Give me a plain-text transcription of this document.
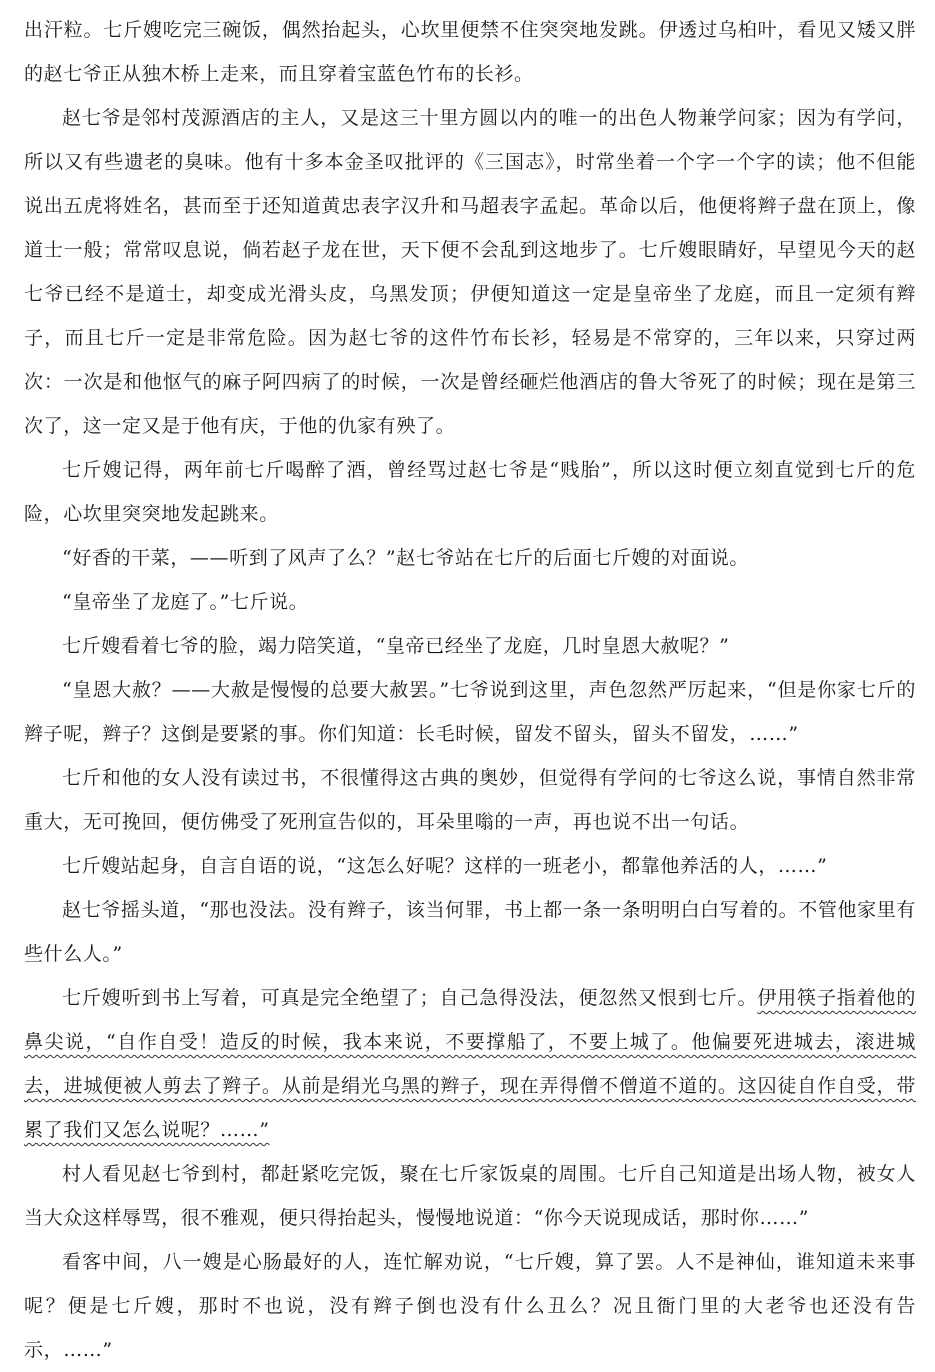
出汗粒。七斤嫂吃完三碗饭，偶然抬起头，心坎里便禁不住突突地发跳。伊透过乌桕叶，看见又矮又胖的赵七爷正从独木桥上走来，而且穿着宝蓝色竹布的长衫。

赵七爷是邻村茂源酒店的主人，又是这三十里方圆以内的唯一的出色人物兼学问家；因为有学问，所以又有些遗老的臭味。他有十多本金圣叹批评的《三国志》，时常坐着一个字一个字的读；他不但能说出五虎将姓名，甚而至于还知道黄忠表字汉升和马超表字孟起。革命以后，他便将辫子盘在顶上，像道士一般；常常叹息说，倘若赵子龙在世，天下便不会乱到这地步了。七斤嫂眼睛好，早望见今天的赵七爷已经不是道士，却变成光滑头皮，乌黑发顶；伊便知道这一定是皇帝坐了龙庭，而且一定须有辫子，而且七斤一定是非常危险。因为赵七爷的这件竹布长衫，轻易是不常穿的，三年以来，只穿过两次：一次是和他怄气的麻子阿四病了的时候，一次是曾经砸烂他酒店的鲁大爷死了的时候；现在是第三次了，这一定又是于他有庆，于他的仇家有殃了。

七斤嫂记得，两年前七斤喝醉了酒，曾经骂过赵七爷是“贱胎”，所以这时便立刻直觉到七斤的危险，心坎里突突地发起跳来。

“好香的干菜，——听到了风声了么？”赵七爷站在七斤的后面七斤嫂的对面说。

“皇帝坐了龙庭了。”七斤说。

七斤嫂看着七爷的脸，竭力陪笑道，“皇帝已经坐了龙庭，几时皇恩大赦呢？”

“皇恩大赦？——大赦是慢慢的总要大赦罢。”七爷说到这里，声色忽然严厉起来，“但是你家七斤的辫子呢，辫子？这倒是要紧的事。你们知道：长毛时候，留发不留头，留头不留发，……”

七斤和他的女人没有读过书，不很懂得这古典的奥妙，但觉得有学问的七爷这么说，事情自然非常重大，无可挽回，便仿佛受了死刑宣告似的，耳朵里嗡的一声，再也说不出一句话。

七斤嫂站起身，自言自语的说，“这怎么好呢？这样的一班老小，都靠他养活的人，……”

赵七爷摇头道，“那也没法。没有辫子，该当何罪，书上都一条一条明明白白写着的。不管他家里有些什么人。”

七斤嫂听到书上写着，可真是完全绝望了；自己急得没法，便忽然又恨到七斤。伊用筷子指着他的鼻尖说，“自作自受！造反的时候，我本来说，不要撑船了，不要上城了。他偏要死进城去，滚进城去，进城便被人剪去了辫子。从前是绢光乌黑的辫子，现在弄得僧不僧道不道的。这囚徒自作自受，带累了我们又怎么说呢？……”

村人看见赵七爷到村，都赶紧吃完饭，聚在七斤家饭桌的周围。七斤自己知道是出场人物，被女人当大众这样辱骂，很不雅观，便只得抬起头，慢慢地说道：“你今天说现成话，那时你……”

看客中间，八一嫂是心肠最好的人，连忙解劝说，“七斤嫂，算了罢。人不是神仙，谁知道未来事呢？便是七斤嫂，那时不也说，没有辫子倒也没有什么丑么？况且衙门里的大老爷也还没有告示，……”
